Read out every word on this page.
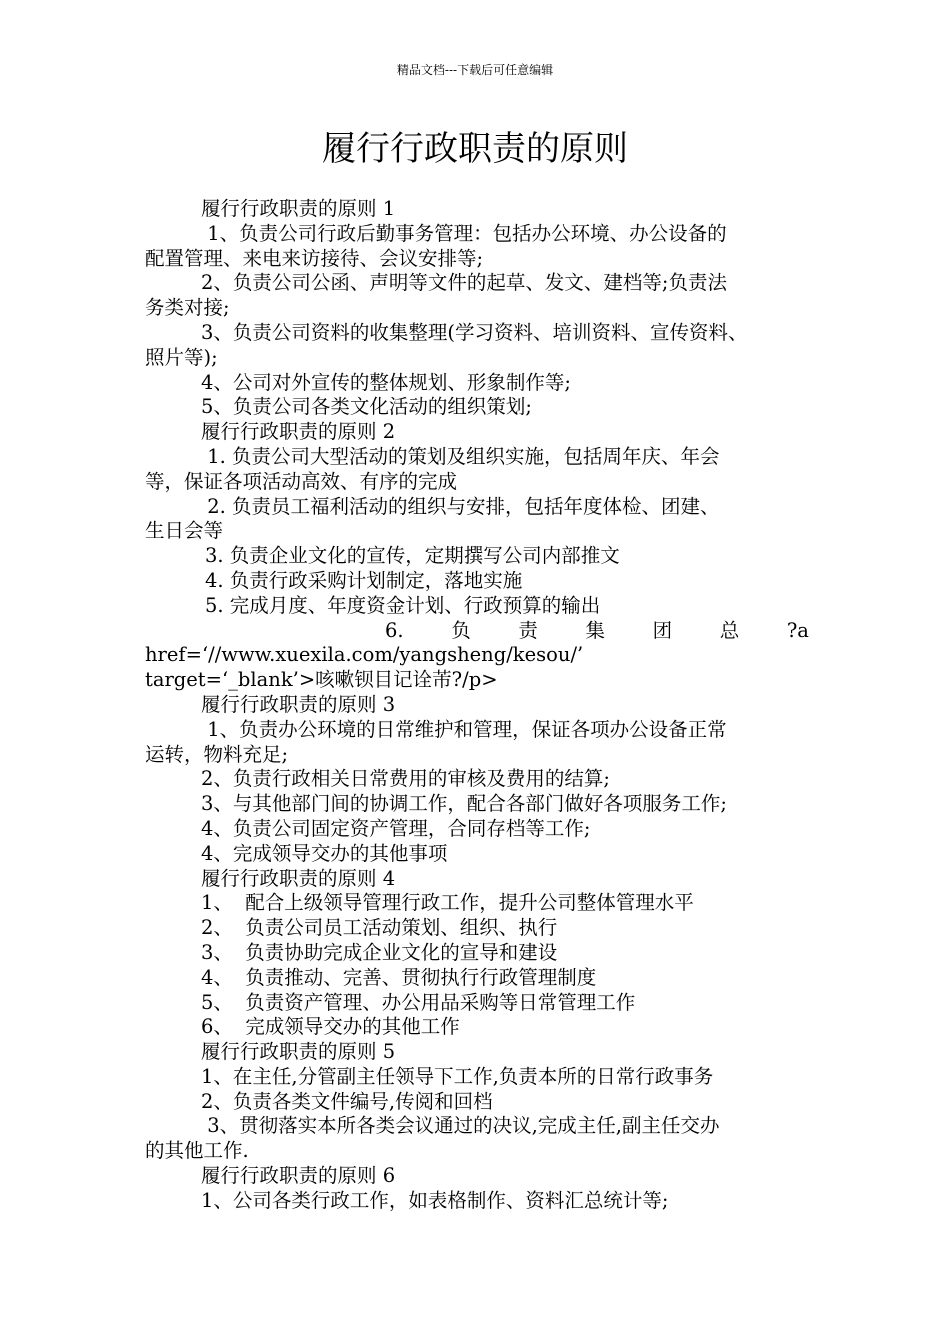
精品文档---下载后可任意编辑
履行行政职责的原则

履行行政职责的原则 1

1、负责公司行政后勤事务管理：包括办公环境、办公设备的

配置管理、来电来访接待、会议安排等;

2、负责公司公函、声明等文件的起草、发文、建档等;负责法

务类对接;

3、负责公司资料的收集整理(学习资料、培训资料、宣传资料、

照片等);

4、公司对外宣传的整体规划、形象制作等;

5、负责公司各类文化活动的组织策划;

履行行政职责的原则 2

1. 负责公司大型活动的策划及组织实施，包括周年庆、年会

等，保证各项活动高效、有序的完成

2. 负责员工福利活动的组织与安排，包括年度体检、团建、

生日会等

3. 负责企业文化的宣传，定期撰写公司内部推文

4. 负责行政采购计划制定，落地实施

5. 完成月度、年度资金计划、行政预算的输出

6. 负 责 集 团 总 ?a

href=‘//www.xuexila.com/yangsheng/kesou/’

target=‘_blank’>咳嗽钡目记诠芾?/p>

履行行政职责的原则 3

1、负责办公环境的日常维护和管理，保证各项办公设备正常

运转，物料充足;

2、负责行政相关日常费用的审核及费用的结算;

3、与其他部门间的协调工作，配合各部门做好各项服务工作;

4、负责公司固定资产管理，合同存档等工作;

4、完成领导交办的其他事项

履行行政职责的原则 4

1、  配合上级领导管理行政工作，提升公司整体管理水平

2、  负责公司员工活动策划、组织、执行

3、  负责协助完成企业文化的宣导和建设

4、  负责推动、完善、贯彻执行行政管理制度

5、  负责资产管理、办公用品采购等日常管理工作

6、  完成领导交办的其他工作

履行行政职责的原则 5

1、在主任,分管副主任领导下工作,负责本所的日常行政事务

2、负责各类文件编号,传阅和回档

3、贯彻落实本所各类会议通过的决议,完成主任,副主任交办

的其他工作.

履行行政职责的原则 6

1、公司各类行政工作，如表格制作、资料汇总统计等;
